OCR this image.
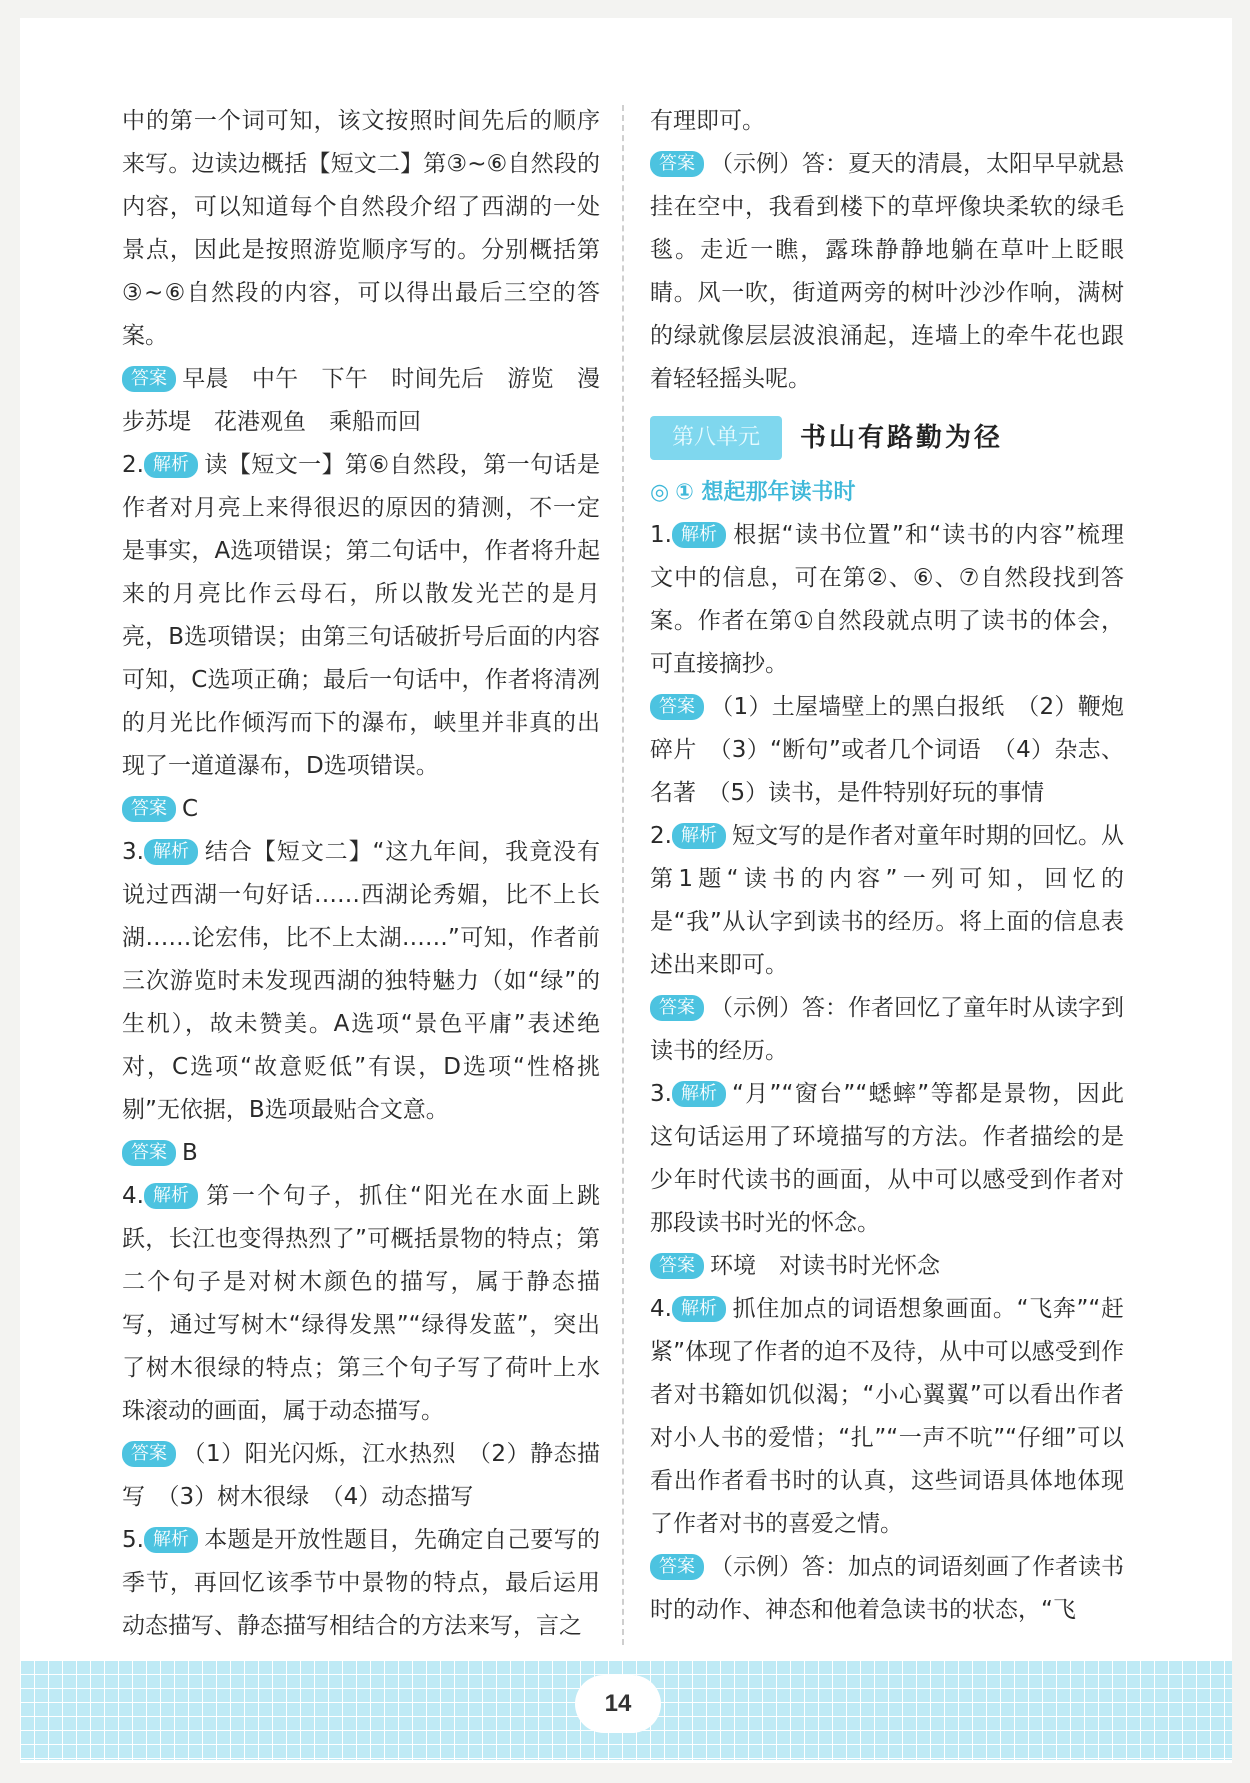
中的第一个词可知，该文按照时间先后的顺序来写。边读边概括【短文二】第③~⑥自然段的内容，可以知道每个自然段介绍了西湖的一处景点，因此是按照游览顺序写的。分别概括第③~⑥自然段的内容，可以得出最后三空的答案。

答案 早晨　中午　下午　时间先后　游览　漫步苏堤　花港观鱼　乘船而回

2. 解析 读【短文一】第⑥自然段，第一句话是作者对月亮上来得很迟的原因的猜测，不一定是事实，A选项错误；第二句话中，作者将升起来的月亮比作云母石，所以散发光芒的是月亮，B选项错误；由第三句话破折号后面的内容可知，C选项正确；最后一句话中，作者将清冽的月光比作倾泻而下的瀑布，峡里并非真的出现了一道道瀑布，D选项错误。

答案 C

3. 解析 结合【短文二】“这九年间，我竟没有说过西湖一句好话……西湖论秀媚，比不上长湖……论宏伟，比不上太湖……”可知，作者前三次游览时未发现西湖的独特魅力（如“绿”的生机），故未赞美。A选项“景色平庸”表述绝对，C选项“故意贬低”有误，D选项“性格挑剔”无依据，B选项最贴合文意。

答案 B

4. 解析 第一个句子，抓住“阳光在水面上跳跃，长江也变得热烈了”可概括景物的特点；第二个句子是对树木颜色的描写，属于静态描写，通过写树木“绿得发黑”“绿得发蓝”，突出了树木很绿的特点；第三个句子写了荷叶上水珠滚动的画面，属于动态描写。

答案 （1）阳光闪烁，江水热烈　（2）静态描写　（3）树木很绿　（4）动态描写

5. 解析 本题是开放性题目，先确定自己要写的季节，再回忆该季节中景物的特点，最后运用动态描写、静态描写相结合的方法来写，言之

有理即可。

答案 （示例）答：夏天的清晨，太阳早早就悬挂在空中，我看到楼下的草坪像块柔软的绿毛毯。走近一瞧，露珠静静地躺在草叶上眨眼睛。风一吹，街道两旁的树叶沙沙作响，满树的绿就像层层波浪涌起，连墙上的牵牛花也跟着轻轻摇头呢。

第八单元	书山有路勤为径

◎ ① 想起那年读书时

1. 解析 根据“读书位置”和“读书的内容”梳理文中的信息，可在第②、⑥、⑦自然段找到答案。作者在第①自然段就点明了读书的体会，可直接摘抄。

答案 （1）土屋墙壁上的黑白报纸　（2）鞭炮碎片　（3）“断句”或者几个词语　（4）杂志、名著　（5）读书，是件特别好玩的事情

2. 解析 短文写的是作者对童年时期的回忆。从第1题“读书的内容”一列可知，回忆的是“我”从认字到读书的经历。将上面的信息表述出来即可。

答案 （示例）答：作者回忆了童年时从读字到读书的经历。

3. 解析 “月”“窗台”“蟋蟀”等都是景物，因此这句话运用了环境描写的方法。作者描绘的是少年时代读书的画面，从中可以感受到作者对那段读书时光的怀念。

答案 环境　对读书时光怀念

4. 解析 抓住加点的词语想象画面。“飞奔”“赶紧”体现了作者的迫不及待，从中可以感受到作者对书籍如饥似渴；“小心翼翼”可以看出作者对小人书的爱惜；“扎”“一声不吭”“仔细”可以看出作者看书时的认真，这些词语具体地体现了作者对书的喜爱之情。

答案 （示例）答：加点的词语刻画了作者读书时的动作、神态和他着急读书的状态，“飞

14
